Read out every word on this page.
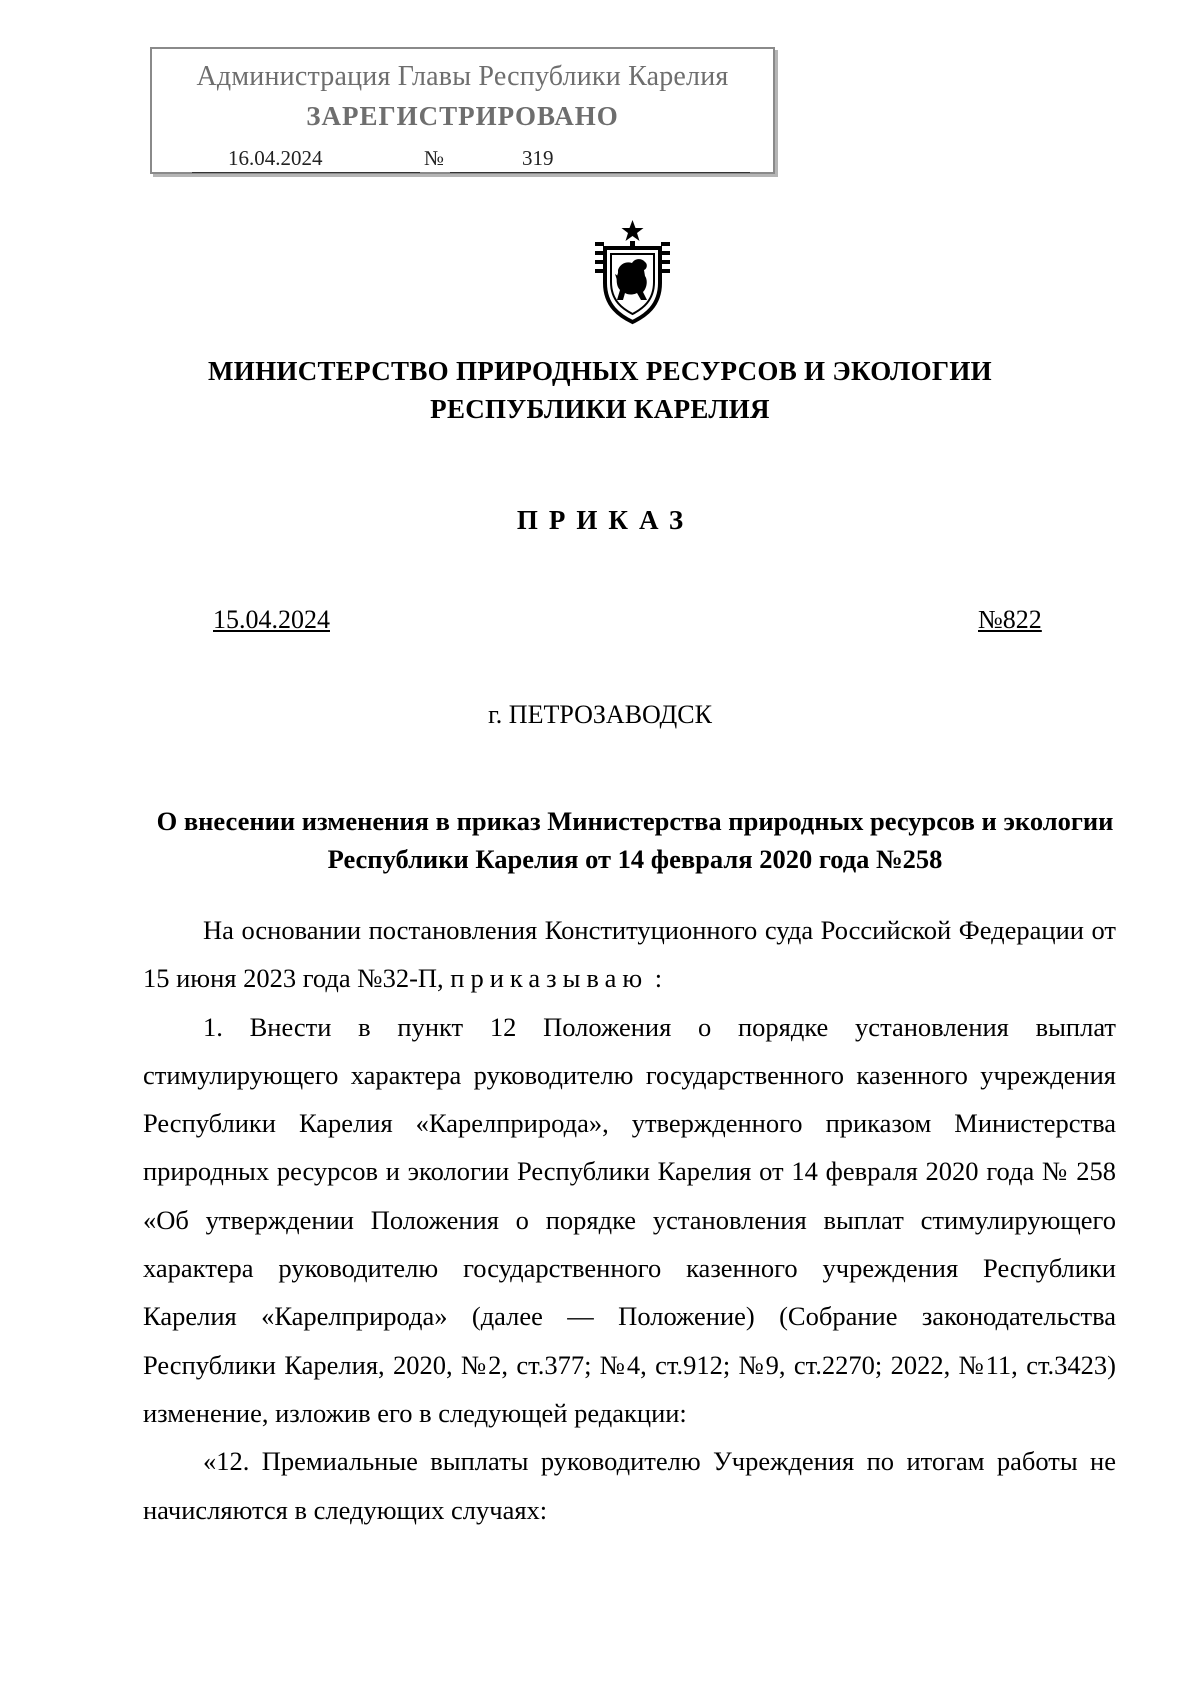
Администрация Главы Республики Карелия
ЗАРЕГИСТРИРОВАНО
16.04.2024	№	319
МИНИСТЕРСТВО ПРИРОДНЫХ РЕСУРСОВ И ЭКОЛОГИИ
РЕСПУБЛИКИ КАРЕЛИЯ
ПРИКАЗ
15.04.2024	№822
г. ПЕТРОЗАВОДСК
О внесении изменения в приказ Министерства природных ресурсов и экологии Республики Карелия от 14 февраля 2020 года №258

На основании постановления Конституционного суда Российской Федерации от 15 июня 2023 года №32-П, приказываю :

1. Внести в пункт 12 Положения о порядке установления выплат стимулирующего характера руководителю государственного казенного учреждения Республики Карелия «Карелприрода», утвержденного приказом Министерства природных ресурсов и экологии Республики Карелия от 14 февраля 2020 года № 258 «Об утверждении Положения о порядке установления выплат стимулирующего характера руководителю государственного казенного учреждения Республики Карелия «Карелприрода» (далее — Положение) (Собрание законодательства Республики Карелия, 2020, №2, ст.377; №4, ст.912; №9, ст.2270; 2022, №11, ст.3423) изменение, изложив его в следующей редакции:

«12. Премиальные выплаты руководителю Учреждения по итогам работы не начисляются в следующих случаях:
